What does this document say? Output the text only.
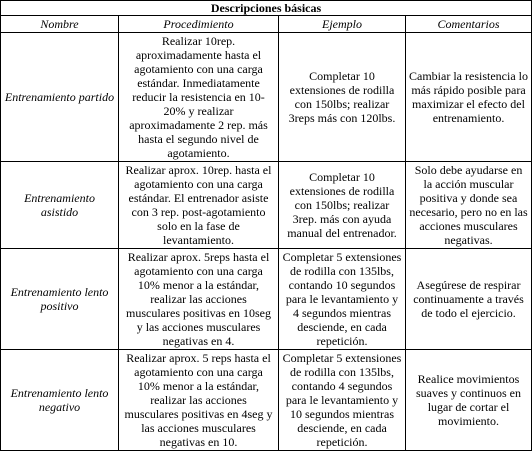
Descripciones básicas			
Nombre	Procedimiento	Ejemplo	Comentarios
Entrenamiento partido	Realizar 10rep. aproximadamente hasta el agotamiento con una carga estándar. Inmediatamente reducir la resistencia en 10-20% y realizar aproximadamente 2 rep. más hasta el segundo nivel de agotamiento.	Completar 10 extensiones de rodilla con 150lbs; realizar 3reps más con 120lbs.	Cambiar la resistencia lo más rápido posible para maximizar el efecto del entrenamiento.
Entrenamiento asistido	Realizar aprox. 10rep. hasta el agotamiento con una carga estándar. El entrenador asiste con 3 rep. post-agotamiento solo en la fase de levantamiento.	Completar 10 extensiones de rodilla con 150lbs; realizar 3rep. más con ayuda manual del entrenador.	Solo debe ayudarse en la acción muscular positiva y donde sea necesario, pero no en las acciones musculares negativas.
Entrenamiento lento positivo	Realizar aprox. 5reps hasta el agotamiento con una carga 10% menor a la estándar, realizar las acciones musculares positivas en 10seg y las acciones musculares negativas en 4.	Completar 5 extensiones de rodilla con 135lbs, contando 10 segundos para le levantamiento y 4 segundos mientras desciende, en cada repetición.	Asegúrese de respirar continuamente a través de todo el ejercicio.
Entrenamiento lento negativo	Realizar aprox. 5 reps hasta el agotamiento con una carga 10% menor a la estándar, realizar las acciones musculares positivas en 4seg y las acciones musculares negativas en 10.	Completar 5 extensiones de rodilla con 135lbs, contando 4 segundos para le levantamiento y 10 segundos mientras desciende, en cada repetición.	Realice movimientos suaves y continuos en lugar de cortar el movimiento.
